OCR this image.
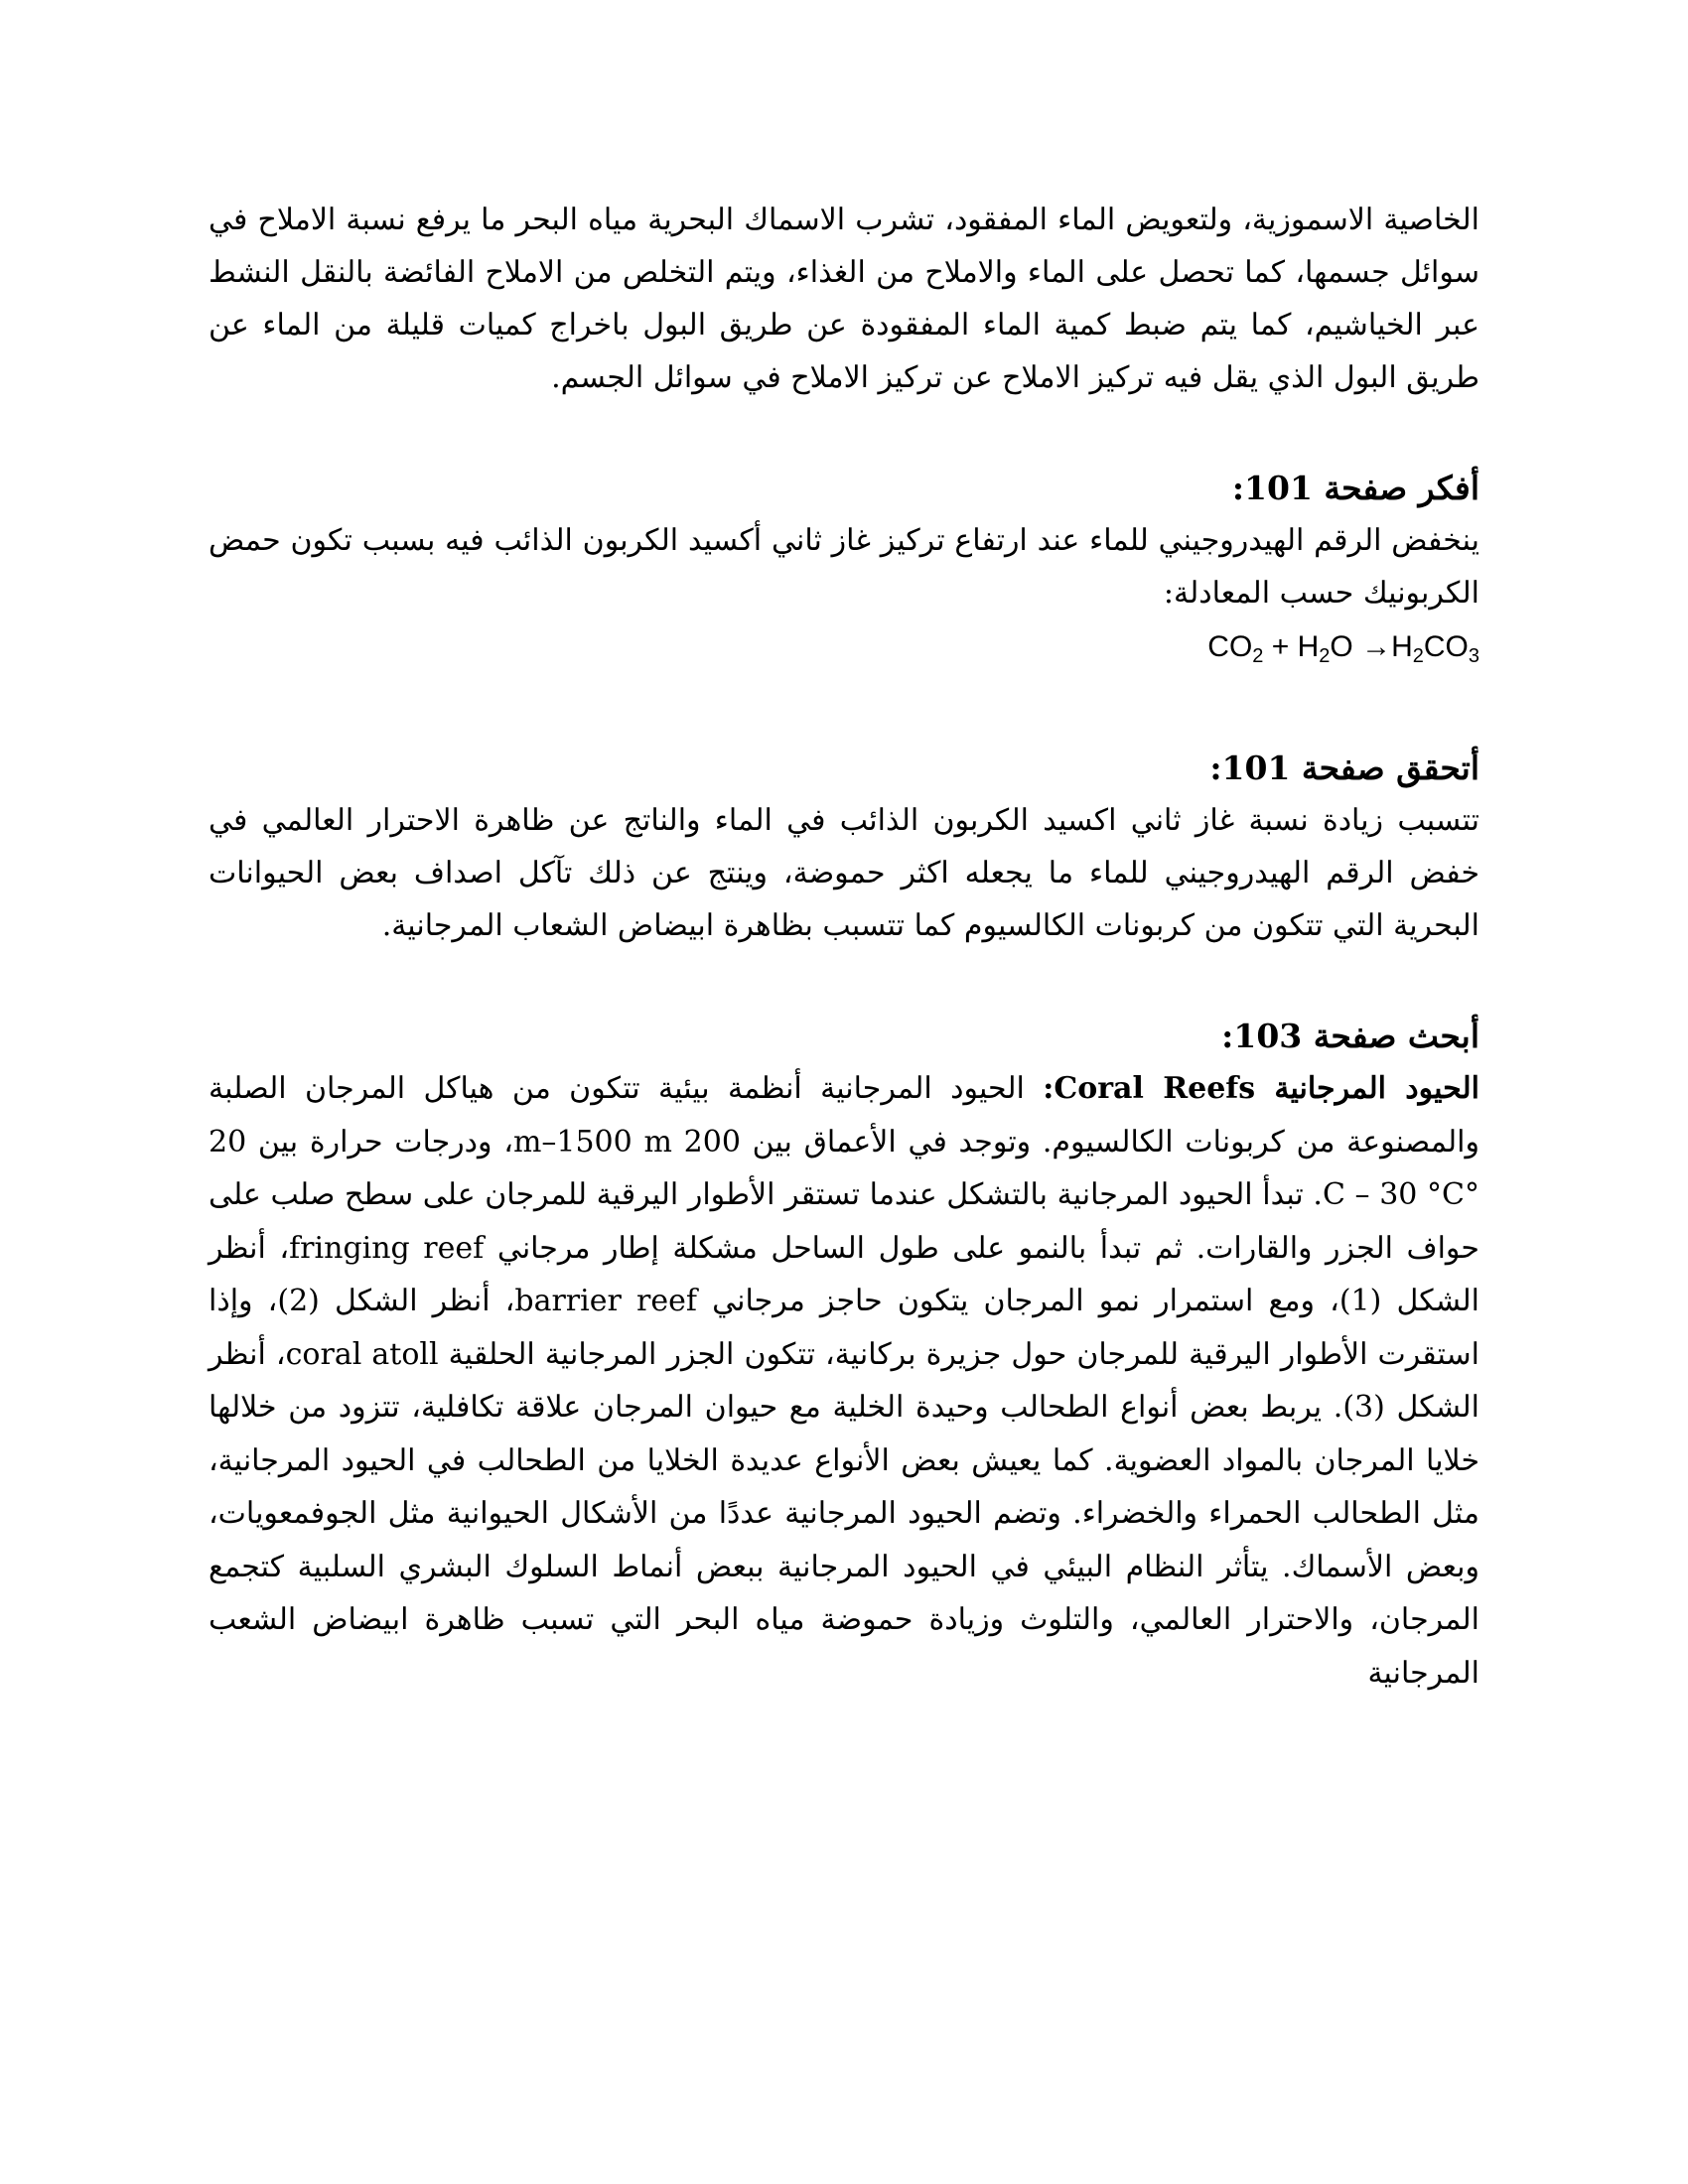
الخاصية الاسموزية، ولتعويض الماء المفقود، تشرب الاسماك البحرية مياه البحر ما يرفع نسبة الاملاح في سوائل جسمها، كما تحصل على الماء والاملاح من الغذاء، ويتم التخلص من الاملاح الفائضة بالنقل النشط عبر الخياشيم، كما يتم ضبط كمية الماء المفقودة عن طريق البول باخراج كميات قليلة من الماء عن طريق البول الذي يقل فيه تركيز الاملاح عن تركيز الاملاح في سوائل الجسم.

أفكر صفحة 101:

ينخفض الرقم الهيدروجيني للماء عند ارتفاع تركيز غاز ثاني أكسيد الكربون الذائب فيه بسبب تكون حمض الكربونيك حسب المعادلة:

$CO_2 + H_2O \to H_2CO_3$

أتحقق صفحة 101:

تتسبب زيادة نسبة غاز ثاني اكسيد الكربون الذائب في الماء والناتج عن ظاهرة الاحترار العالمي في خفض الرقم الهيدروجيني للماء ما يجعله اكثر حموضة، وينتج عن ذلك تآكل اصداف بعض الحيوانات البحرية التي تتكون من كربونات الكالسيوم كما تتسبب بظاهرة ابيضاض الشعاب المرجانية.

أبحث صفحة 103:

الحيود المرجانية Coral Reefs: الحيود المرجانية أنظمة بيئية تتكون من هياكل المرجان الصلبة والمصنوعة من كربونات الكالسيوم. وتوجد في الأعماق بين 200 m–1500 m، ودرجات حرارة بين 20 °C – 30 °C. تبدأ الحيود المرجانية بالتشكل عندما تستقر الأطوار اليرقية للمرجان على سطح صلب على حواف الجزر والقارات. ثم تبدأ بالنمو على طول الساحل مشكلة إطار مرجاني fringing reef، أنظر الشكل (1)، ومع استمرار نمو المرجان يتكون حاجز مرجاني barrier reef، أنظر الشكل (2)، وإذا استقرت الأطوار اليرقية للمرجان حول جزيرة بركانية، تتكون الجزر المرجانية الحلقية coral atoll، أنظر الشكل (3). يربط بعض أنواع الطحالب وحيدة الخلية مع حيوان المرجان علاقة تكافلية، تتزود من خلالها خلايا المرجان بالمواد العضوية. كما يعيش بعض الأنواع عديدة الخلايا من الطحالب في الحيود المرجانية، مثل الطحالب الحمراء والخضراء. وتضم الحيود المرجانية عددًا من الأشكال الحيوانية مثل الجوفمعويات، وبعض الأسماك. يتأثر النظام البيئي في الحيود المرجانية ببعض أنماط السلوك البشري السلبية كتجمع المرجان، والاحترار العالمي، والتلوث وزيادة حموضة مياه البحر التي تسبب ظاهرة ابيضاض الشعب المرجانية
